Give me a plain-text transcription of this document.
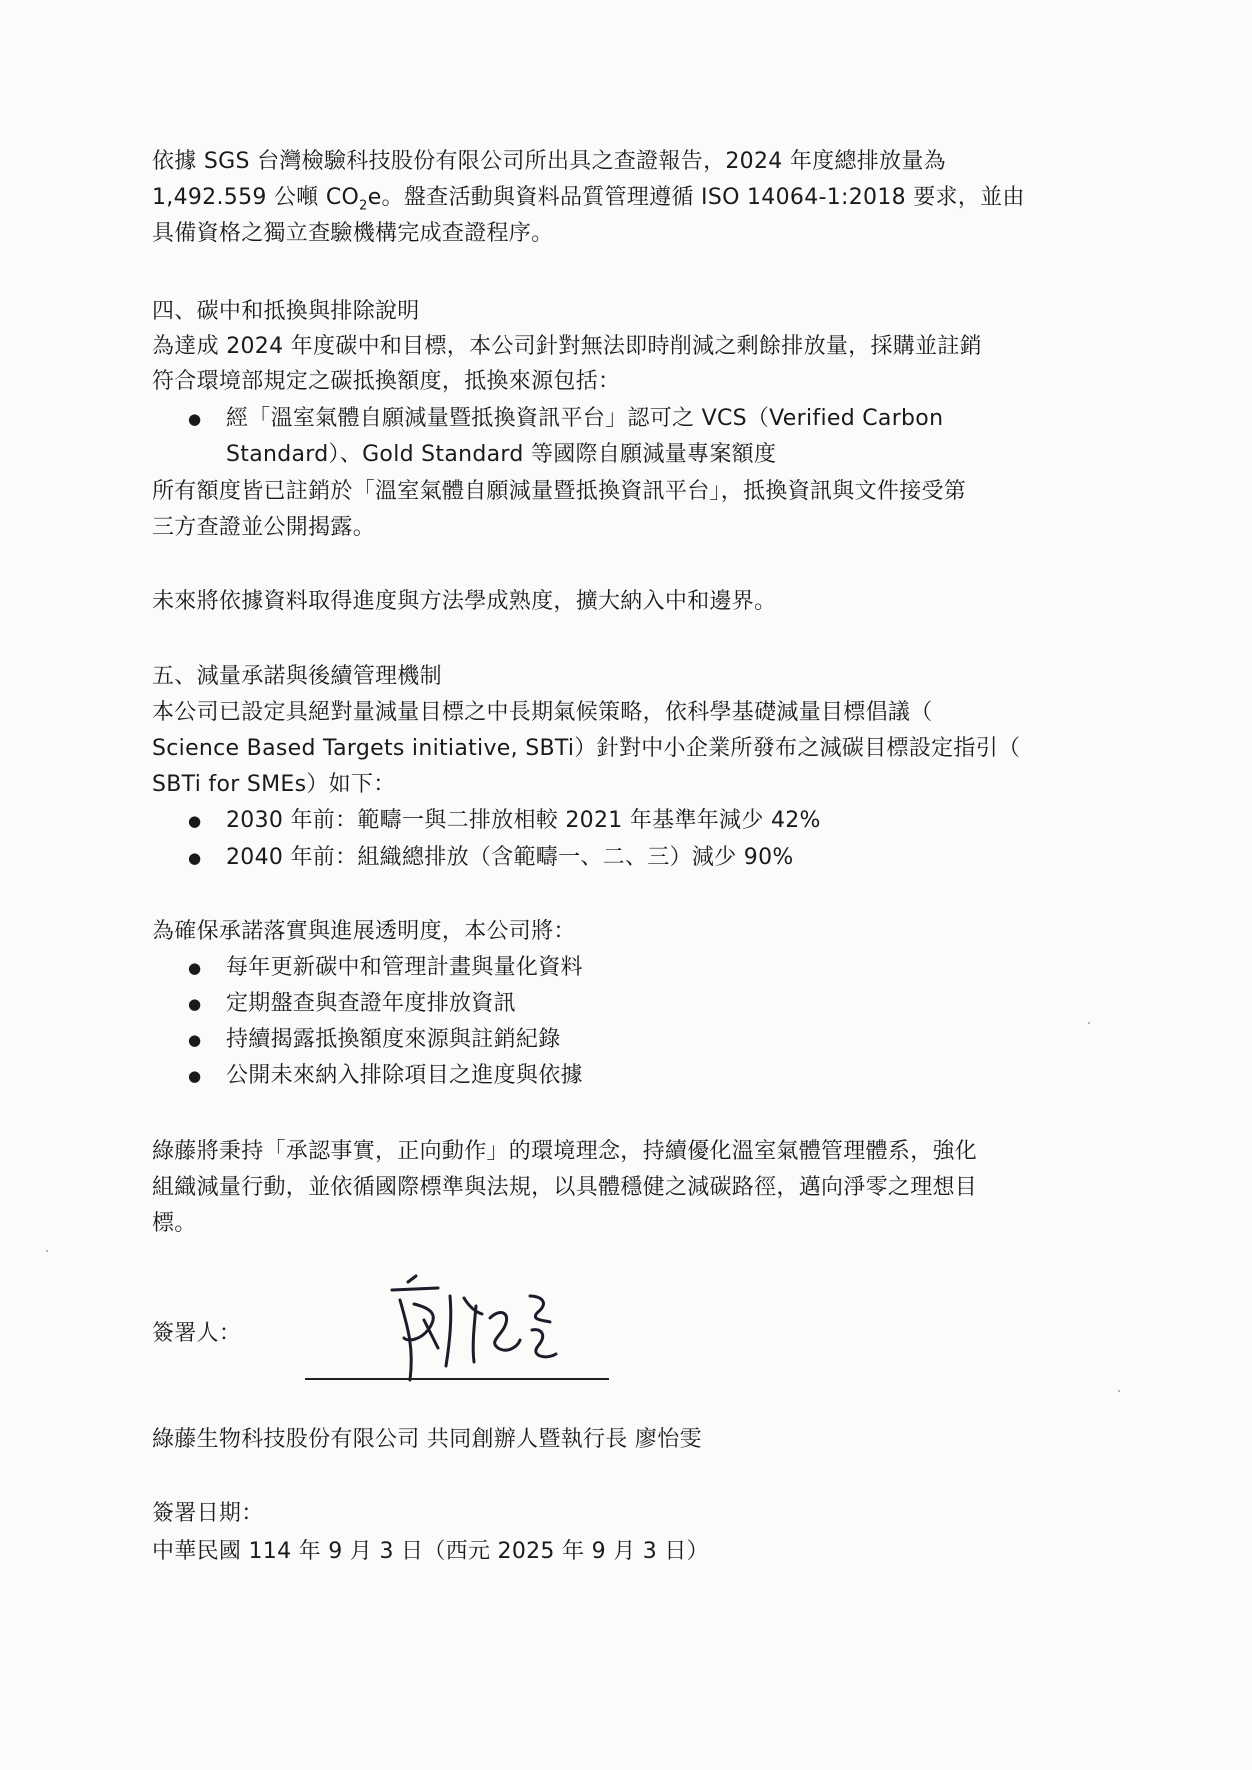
依據 SGS 台灣檢驗科技股份有限公司所出具之查證報告，2024 年度總排放量為

1,492.559 公噸 $CO_2e$。盤查活動與資料品質管理遵循 ISO 14064-1:2018 要求，並由

具備資格之獨立查驗機構完成查證程序。

四、碳中和抵換與排除說明

為達成 2024 年度碳中和目標，本公司針對無法即時削減之剩餘排放量，採購並註銷

符合環境部規定之碳抵換額度，抵換來源包括：

經「溫室氣體自願減量暨抵換資訊平台」認可之 VCS（Verified Carbon

Standard）、Gold Standard 等國際自願減量專案額度

所有額度皆已註銷於「溫室氣體自願減量暨抵換資訊平台」，抵換資訊與文件接受第

三方查證並公開揭露。

未來將依據資料取得進度與方法學成熟度，擴大納入中和邊界。

五、減量承諾與後續管理機制

本公司已設定具絕對量減量目標之中長期氣候策略，依科學基礎減量目標倡議（

Science Based Targets initiative, SBTi）針對中小企業所發布之減碳目標設定指引（

SBTi for SMEs）如下：

2030 年前：範疇一與二排放相較 2021 年基準年減少 42%

2040 年前：組織總排放（含範疇一、二、三）減少 90%

為確保承諾落實與進展透明度，本公司將：

每年更新碳中和管理計畫與量化資料

定期盤查與查證年度排放資訊

持續揭露抵換額度來源與註銷紀錄

公開未來納入排除項目之進度與依據

綠藤將秉持「承認事實，正向動作」的環境理念，持續優化溫室氣體管理體系，強化

組織減量行動，並依循國際標準與法規，以具體穩健之減碳路徑，邁向淨零之理想目

標。

簽署人：

綠藤生物科技股份有限公司 共同創辦人暨執行長 廖怡雯

簽署日期：

中華民國 114 年 9 月 3 日（西元 2025 年 9 月 3 日）
